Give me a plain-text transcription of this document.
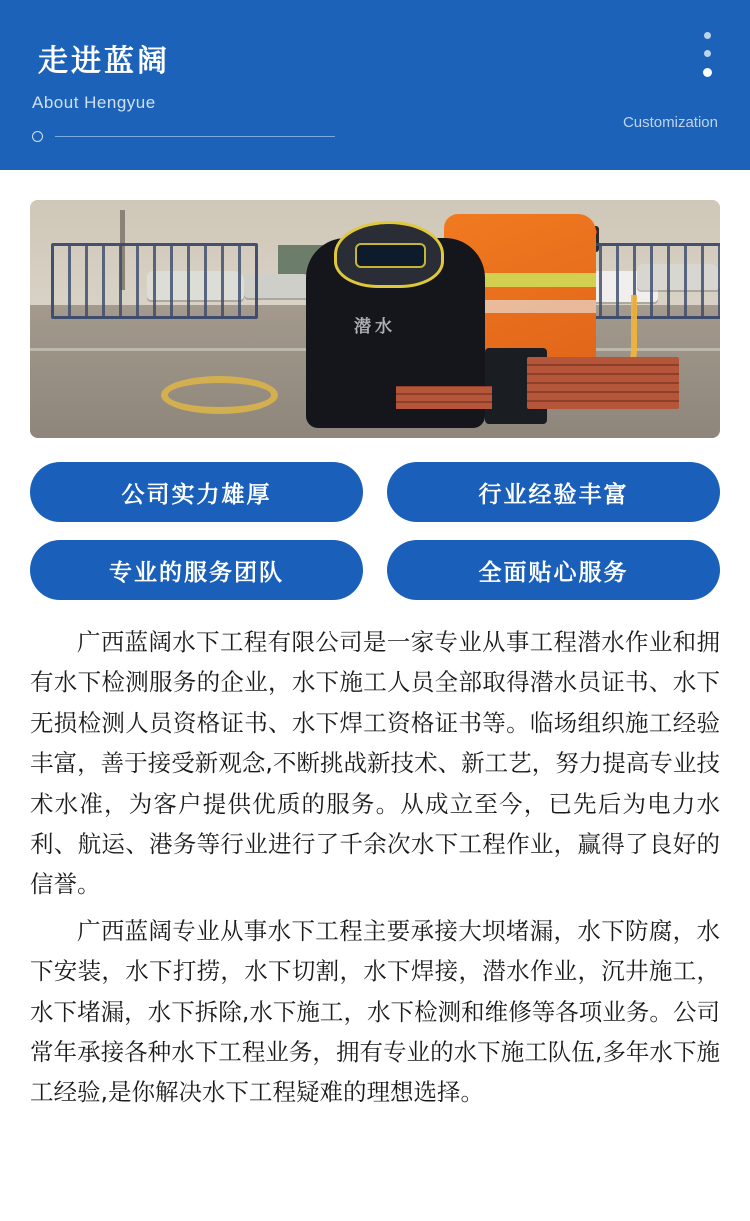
走进蓝阔
About Hengyue
Customization
潜水
公司实力雄厚	行业经验丰富
专业的服务团队	全面贴心服务

广西蓝阔水下工程有限公司是一家专业从事工程潜水作业和拥有水下检测服务的企业，水下施工人员全部取得潜水员证书、水下无损检测人员资格证书、水下焊工资格证书等。临场组织施工经验丰富，善于接受新观念,不断挑战新技术、新工艺，努力提高专业技术水准，为客户提供优质的服务。从成立至今，已先后为电力水利、航运、港务等行业进行了千余次水下工程作业，赢得了良好的信誉。

广西蓝阔专业从事水下工程主要承接大坝堵漏，水下防腐，水下安装，水下打捞，水下切割，水下焊接，潜水作业，沉井施工，水下堵漏，水下拆除,水下施工，水下检测和维修等各项业务。公司常年承接各种水下工程业务，拥有专业的水下施工队伍,多年水下施工经验,是你解决水下工程疑难的理想选择。
